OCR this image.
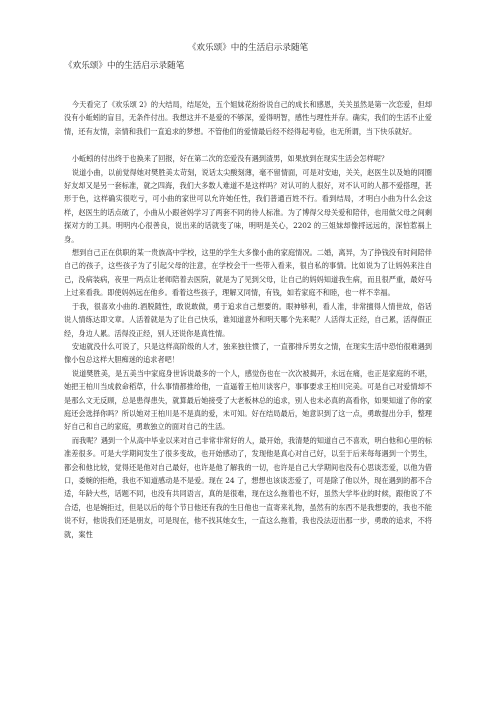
《欢乐颂》中的生活启示录随笔
《欢乐颂》中的生活启示录随笔

今天看完了《欢乐颂 2》的大结局，结尾处，五个姐妹花纷纷说自己的成长和感恩，关关虽然是第一次恋爱，但却没有小蚯蚓的盲目，无条件付出。我想这并不是爱的不够深，爱得明智，感性与理性并存。确实，我们的生活不止爱情，还有友情，亲情和我们一直追求的梦想。不管他们的爱情最后经不经得起考验，也无所谓，当下快乐就好。

小蚯蚓的付出终于也换来了回报，好在第二次的恋爱没有遇到渣男，如果放到在现实生活会怎样呢？

说道小曲，以前觉得她对樊胜美太苛刻，说话太尖酸刻薄，毫不留情面，可是对安迪，关关，赵医生以及她的同圈好友却又是另一套标准，就之四海，我们大多数人难道不是这样吗？对认可的人很好，对不认可的人都不爱搭理，甚形于色，这样确实很吃亏，可小曲的家世可以允许她任性，我们普通百姓不行。看到结局，才明白小曲为什么会这样，赵医生的话点破了，小曲从小跟爸妈学习了两套不同的待人标准。为了博得父母关爱和陪伴，也用做父母之间剩探对方的工具。明明内心很善良，说出来的话就变了味，明明是关心，2202 的三姐妹却像捋远远的，深怕惹祸上身。

想到自己正在供职的某一贵族高中学校，这里的学生大多像小曲的家庭情况。二婚，离异，为了挣钱没有时间陪伴自己的孩子，这些孩子为了引起父母的注意，在学校会干一些带入看来，很自私的事情。比如说为了让妈妈来注自己，没病装病，夜里一两点让老师陪着去医院，就是为了见到父母，让自己的妈妈知道我生病，而且很严重，最好马上过来看我。即使妈妈远在他乡。看着这些孩子，理解又同情，有钱，如若家庭不和睦，也一样不幸福。

于我，很喜欢小曲的.酒脱随性，敢说敢做，勇于追求自己想要的。眼神够利，看人准，非常擅得人情世故，俗话说人情练达即文章。人活着就是为了让自己快乐，谁知道意外和明天哪个先来呢？人活得太正经，自己累，活得假正经，身边人累。活得没正经，别人还说你是真性情。

安迪就没什么可说了，只是这样高阶级的人才，独来独往惯了，一直都排斥男女之情，在现实生活中恐怕很难遇到像小包总这样大胆痴迷的追求者吧！

说道樊胜美，是五美当中家庭身世诉说最多的一个人，感觉伤也在一次次被揭开，永远在痛，也正是家庭的不堪，她把王柏川当成救命稻草，什么事情都推给他，一直逼着王柏川谈客户，事事要求王柏川完美。可是自己对爱情却不是那么文无反顾，总是患得患失，就算最后她接受了大老板林总的追求，别人也未必真的高看你，如果知道了你的家庭还会选择你吗？所以她对王柏川是不是真的爱，未可知。好在结局最后，她意识到了这一点，勇敢提出分手，整理好自己和自己的家庭，勇敢独立的面对自己的生活。

而我呢？遇到一个从高中毕业以来对自己非常非常好的人，最开始，我清楚的知道自己不喜欢，明白他和心里的标准差很多。可是大学期间发生了很多变故，也开始感动了，发现他是真心对自己好，以至于后来每每遇到一个男生，都会和他比较，觉得还是他对自己最好，也许是他了解我的一切，也许是自己大学期间也没有心思谈恋爱，以他为借口，委婉的拒绝，我也不知道感动是不是爱。现在 24 了，想想也该谈恋爱了，可是除了他以外，现在遇到的都不合适，年龄大些，话题不同，也没有共同语言，真的是很难，现在这么拖着也不好，虽然大学毕业的时候，跟他说了不合适，也是婉拒过，但是以后的每个节日他还有我的生日他也一直寄来礼物，虽然有的东西不是我想要的，我也不能说不好，他说我们还是朋友，可是现在，他不找其她女生，一直这么拖着，我也没法迈出那一步，勇敢的追求，不将就，案性
